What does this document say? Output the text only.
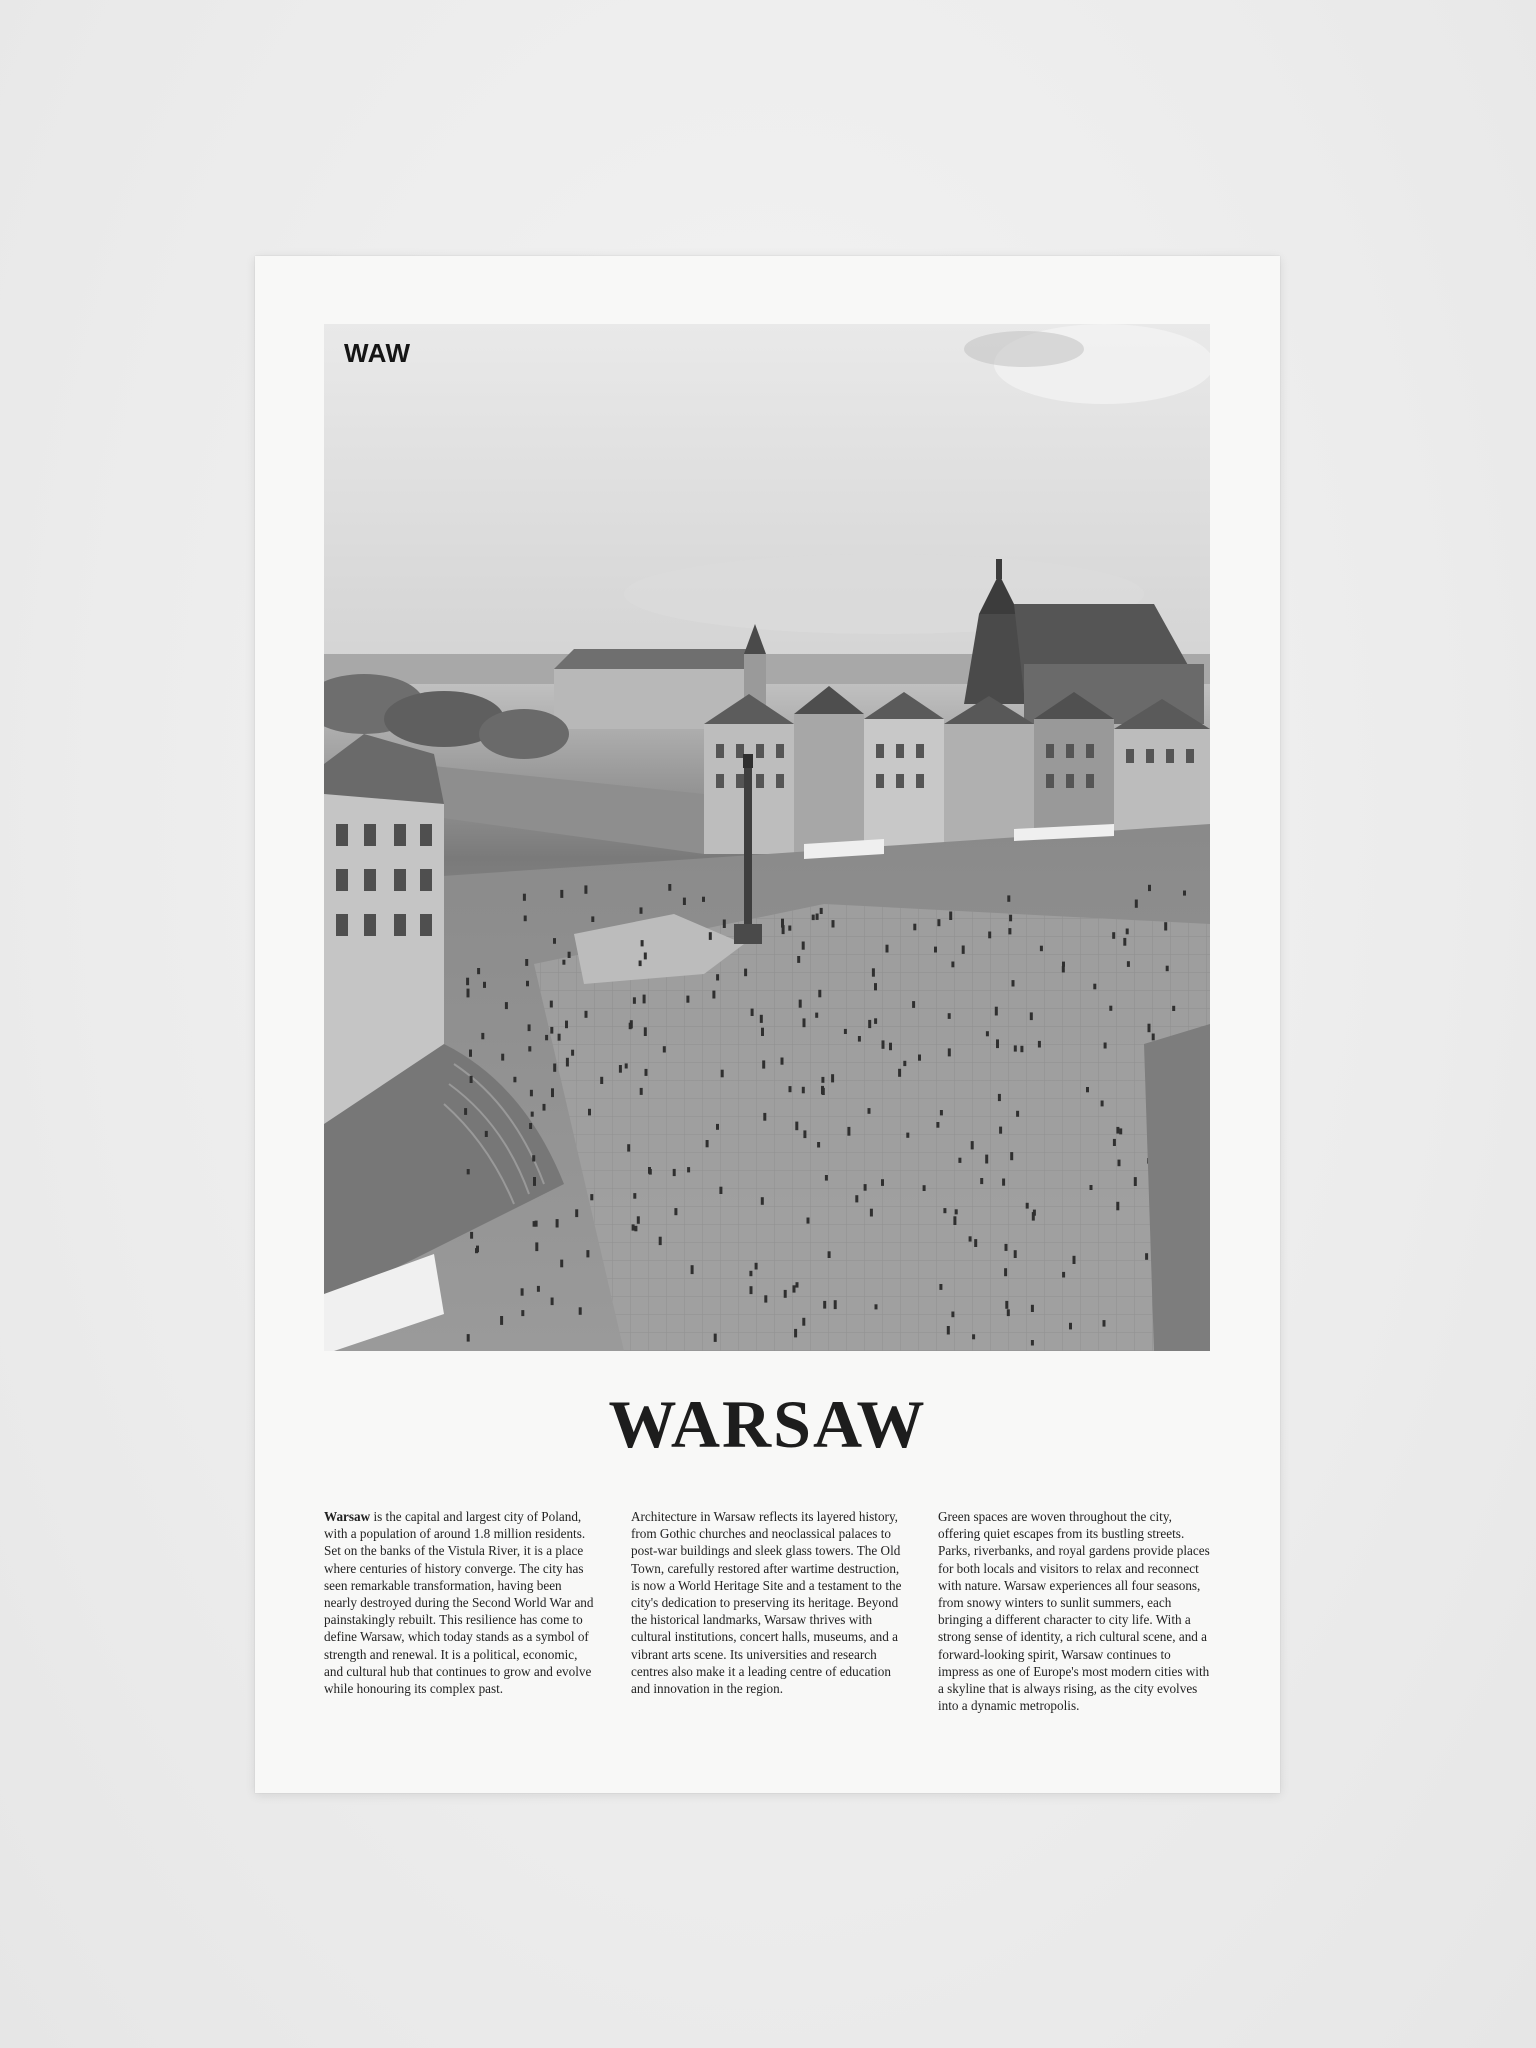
WAW
WARSAW
Warsaw is the capital and largest city of Poland, with a population of around 1.8 million residents. Set on the banks of the Vistula River, it is a place where centuries of history converge. The city has seen remarkable transformation, having been nearly destroyed during the Second World War and painstakingly rebuilt. This resilience has come to define Warsaw, which today stands as a symbol of strength and renewal. It is a political, economic, and cultural hub that continues to grow and evolve while honouring its complex past.
Architecture in Warsaw reflects its layered history, from Gothic churches and neoclassical palaces to post-war buildings and sleek glass towers. The Old Town, carefully restored after wartime destruction, is now a World Heritage Site and a testament to the city's dedication to preserving its heritage. Beyond the historical landmarks, Warsaw thrives with cultural institutions, concert halls, museums, and a vibrant arts scene. Its universities and research centres also make it a leading centre of education and innovation in the region.
Green spaces are woven throughout the city, offering quiet escapes from its bustling streets. Parks, riverbanks, and royal gardens provide places for both locals and visitors to relax and reconnect with nature. Warsaw experiences all four seasons, from snowy winters to sunlit summers, each bringing a different character to city life. With a strong sense of identity, a rich cultural scene, and a forward-looking spirit, Warsaw continues to impress as one of Europe's most modern cities with a skyline that is always rising, as the city evolves into a dynamic metropolis.
